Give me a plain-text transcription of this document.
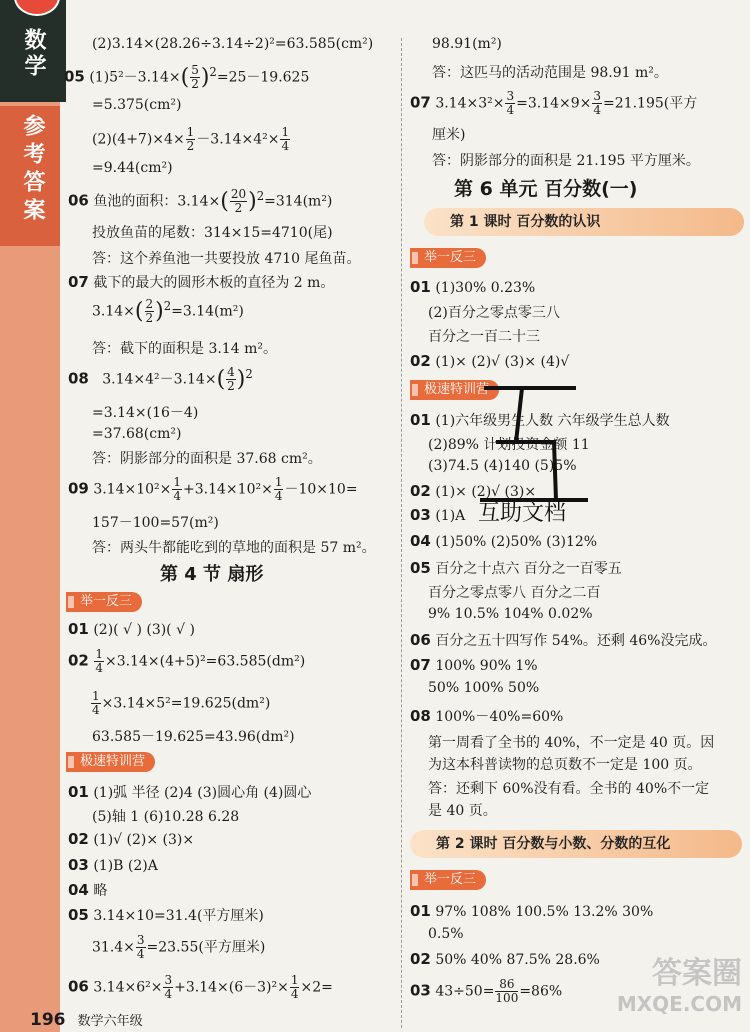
数学
参考答案
(2)3.14×(28.26÷3.14÷2)²=63.585(cm²)
05 $(1)5^2-3.14\times( \frac{5}{2} )^2=25-19.625$
=5.375(cm²)
$(2)(4+7)\times 4\times \frac{1}{2} -3.14\times 4^2\times \frac{1}{4}$
=9.44(cm²)
06 鱼池的面积：$3.14\times( \frac{20}{2} )^2=314(m^2)$
投放鱼苗的尾数：314×15=4710(尾)
答：这个养鱼池一共要投放 4710 尾鱼苗。
07 截下的最大的圆形木板的直径为 2 m。
$3.14\times( \frac{2}{2} )^2=3.14(m^2)$
答：截下的面积是 3.14 m²。
08 $3.14\times 4^2-3.14\times( \frac{4}{2} )^2$
=3.14×(16－4)
=37.68(cm²)
答：阴影部分的面积是 37.68 cm²。
09 $3.14\times 10^2\times \frac{1}{4} +3.14\times 10^2\times \frac{1}{4} -10\times 10=$
157－100=57(m²)
答：两头牛都能吃到的草地的面积是 57 m²。
第 4 节 扇形
举一反三
01 (2)( √ ) (3)( √ )
$02 \frac{1}{4} \times 3.14\times(4+5)^2=63.585(dm^2)$
$\frac{1}{4} \times 3.14\times 5^2=19.625(dm^2)$
63.585－19.625=43.96(dm²)
极速特训营
01 (1)弧 半径 (2)4 (3)圆心角 (4)圆心
(5)轴 1 (6)10.28 6.28
02 (1)√ (2)× (3)×
03 (1)B (2)A
04 略
05 3.14×10=31.4(平方厘米)
$31.4\times \frac{3}{4} =23.55$(平方厘米)
06 $3.14\times 6^2\times \frac{3}{4} +3.14\times(6-3)^2\times \frac{1}{4} \times 2=$
98.91(m²)
答：这匹马的活动范围是 98.91 m²。
07 $3.14\times 3^2\times \frac{3}{4} =3.14\times 9\times \frac{3}{4} =21.195$(平方
厘米)
答：阴影部分的面积是 21.195 平方厘米。
第 6 单元 百分数(一)
第 1 课时 百分数的认识
举一反三
01 (1)30% 0.23%
(2)百分之零点零三八
百分之一百二十三
02 (1)× (2)√ (3)× (4)√
极速特训营
01 (1)六年级男生人数 六年级学生总人数
(2)89% 计划投资金额 11
(3)74.5 (4)140 (5)5%
02 (1)× (2)√ (3)×
03 (1)A 互助文档
04 (1)50% (2)50% (3)12%
05 百分之十点六 百分之一百零五
百分之零点零八 百分之二百
9% 10.5% 104% 0.02%
06 百分之五十四写作 54%。还剩 46%没完成。
07 100% 90% 1%
50% 100% 50%
08 100%－40%=60%
第一周看了全书的 40%，不一定是 40 页。因
为这本科普读物的总页数不一定是 100 页。
答：还剩下 60%没有看。全书的 40%不一定
是 40 页。
第 2 课时 百分数与小数、分数的互化
举一反三
01 97% 108% 100.5% 13.2% 30%
0.5%
02 50% 40% 87.5% 28.6%
03 $43\div 50= \frac{86}{100} =86\%$
答案圈
MXQE.COM
196 数学六年级
